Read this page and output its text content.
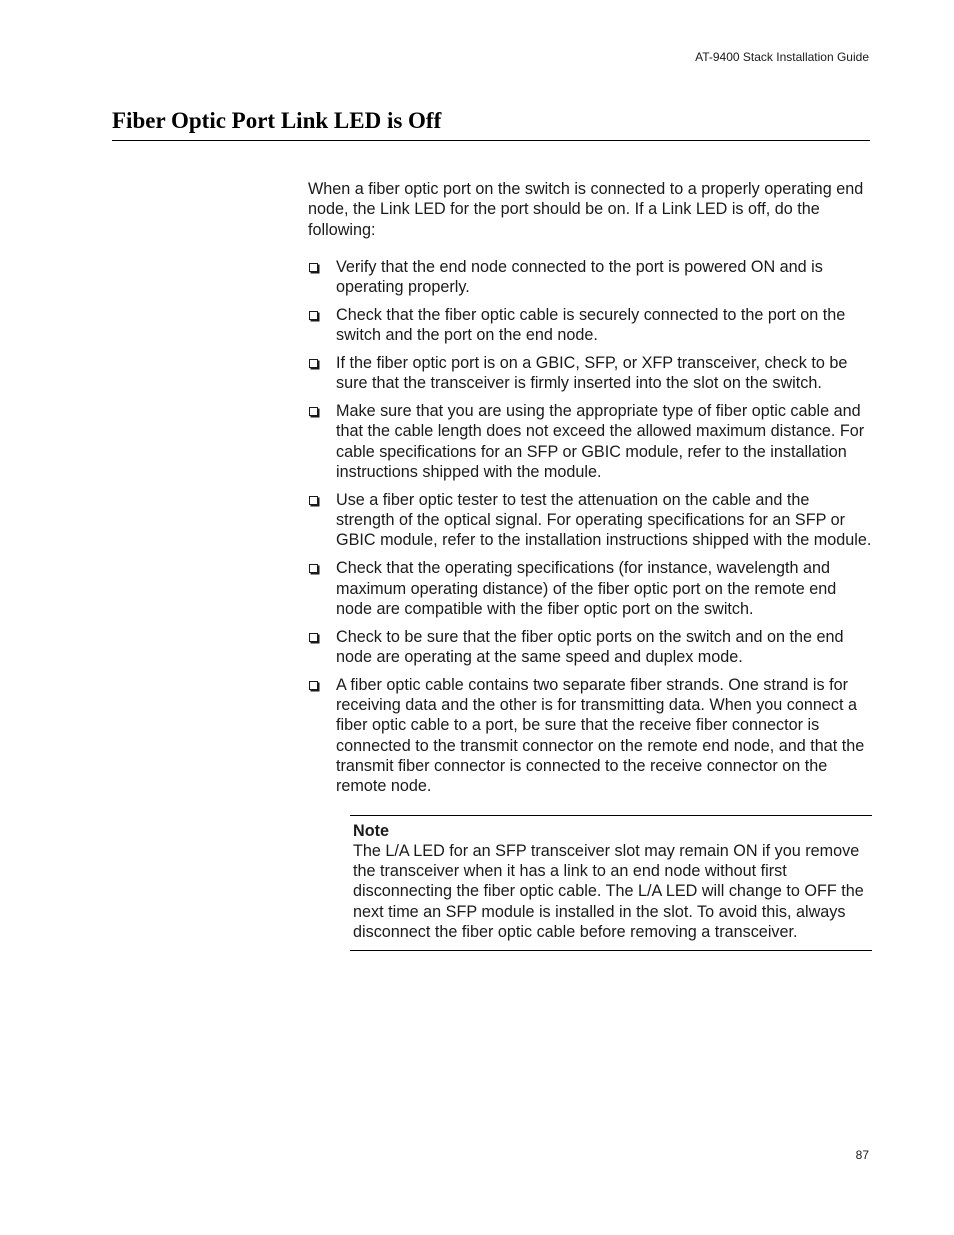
AT-9400 Stack Installation Guide
Fiber Optic Port Link LED is Off

When a fiber optic port on the switch is connected to a properly operating end node, the Link LED for the port should be on. If a Link LED is off, do the following:

Verify that the end node connected to the port is powered ON and is operating properly.
Check that the fiber optic cable is securely connected to the port on the switch and the port on the end node.
If the fiber optic port is on a GBIC, SFP, or XFP transceiver, check to be sure that the transceiver is firmly inserted into the slot on the switch.
Make sure that you are using the appropriate type of fiber optic cable and that the cable length does not exceed the allowed maximum distance. For cable specifications for an SFP or GBIC module, refer to the installation instructions shipped with the module.
Use a fiber optic tester to test the attenuation on the cable and the strength of the optical signal. For operating specifications for an SFP or GBIC module, refer to the installation instructions shipped with the module.
Check that the operating specifications (for instance, wavelength and maximum operating distance) of the fiber optic port on the remote end node are compatible with the fiber optic port on the switch.
Check to be sure that the fiber optic ports on the switch and on the end node are operating at the same speed and duplex mode.
A fiber optic cable contains two separate fiber strands. One strand is for receiving data and the other is for transmitting data. When you connect a fiber optic cable to a port, be sure that the receive fiber connector is connected to the transmit connector on the remote end node, and that the transmit fiber connector is connected to the receive connector on the remote node.
Note
The L/A LED for an SFP transceiver slot may remain ON if you remove the transceiver when it has a link to an end node without first disconnecting the fiber optic cable. The L/A LED will change to OFF the next time an SFP module is installed in the slot. To avoid this, always disconnect the fiber optic cable before removing a transceiver.
87
